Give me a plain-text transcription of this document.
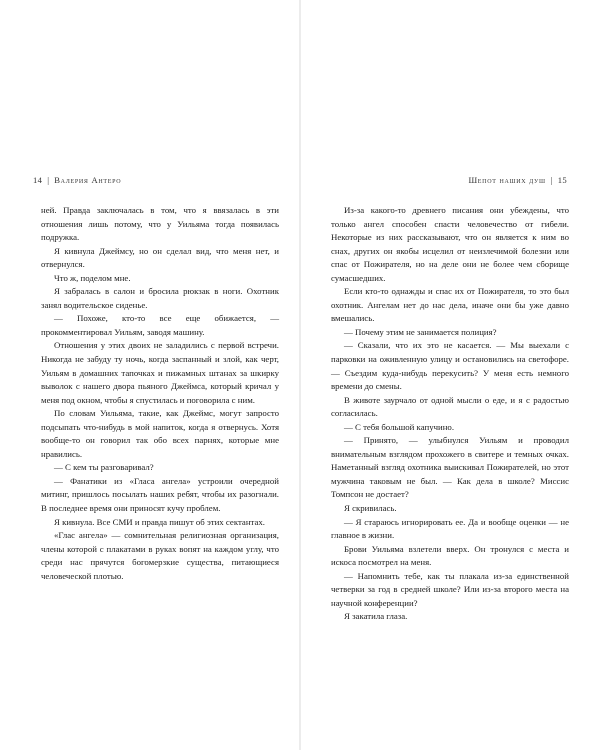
14 | Валерия Антеро	Шепот наших душ | 15

ней. Правда заключалась в том, что я ввязалась в эти отношения лишь потому, что у Уильяма тогда появилась подружка.

Я кивнула Джеймсу, но он сделал вид, что меня нет, и отвернулся.

Что ж, поделом мне.

Я забралась в салон и бросила рюкзак в ноги. Охотник занял водительское сиденье.

— Похоже, кто-то все еще обижается, — прокомментировал Уильям, заводя машину.

Отношения у этих двоих не заладились с первой встречи. Никогда не забуду ту ночь, когда заспанный и злой, как черт, Уильям в домашних тапочках и пижамных штанах за шкирку выволок с нашего двора пьяного Джеймса, который кричал у меня под окном, чтобы я спустилась и поговорила с ним.

По словам Уильяма, такие, как Джеймс, могут запросто подсыпать что-нибудь в мой напиток, когда я отвернусь. Хотя вообще-то он говорил так обо всех парнях, которые мне нравились.

— С кем ты разговаривал?

— Фанатики из «Гласа ангела» устроили очередной митинг, пришлось посылать наших ребят, чтобы их разогнали. В последнее время они приносят кучу проблем.

Я кивнула. Все СМИ и правда пишут об этих сектантах.

«Глас ангела» — сомнительная религиозная организация, члены которой с плакатами в руках вопят на каждом углу, что среди нас прячутся богомерзкие существа, питающиеся человеческой плотью.

Из-за какого-то древнего писания они убеждены, что только ангел способен спасти человечество от гибели. Некоторые из них рассказывают, что он является к ним во снах, других он якобы исцелил от неизлечимой болезни или спас от Пожирателя, но на деле они не более чем сборище сумасшедших.

Если кто-то однажды и спас их от Пожирателя, то это был охотник. Ангелам нет до нас дела, иначе они бы уже давно вмешались.

— Почему этим не занимается полиция?

— Сказали, что их это не касается. — Мы выехали с парковки на оживленную улицу и остановились на светофоре. — Съездим куда-нибудь перекусить? У меня есть немного времени до смены.

В животе заурчало от одной мысли о еде, и я с радостью согласилась.

— С тебя большой капучино.

— Принято, — улыбнулся Уильям и проводил внимательным взглядом прохожего в свитере и темных очках. Наметанный взгляд охотника выискивал Пожирателей, но этот мужчина таковым не был. — Как дела в школе? Миссис Томпсон не достает?

Я скривилась.

— Я стараюсь игнорировать ее. Да и вообще оценки — не главное в жизни.

Брови Уильяма взлетели вверх. Он тронулся с места и искоса посмотрел на меня.

— Напомнить тебе, как ты плакала из-за единственной четверки за год в средней школе? Или из-за второго места на научной конференции?

Я закатила глаза.
